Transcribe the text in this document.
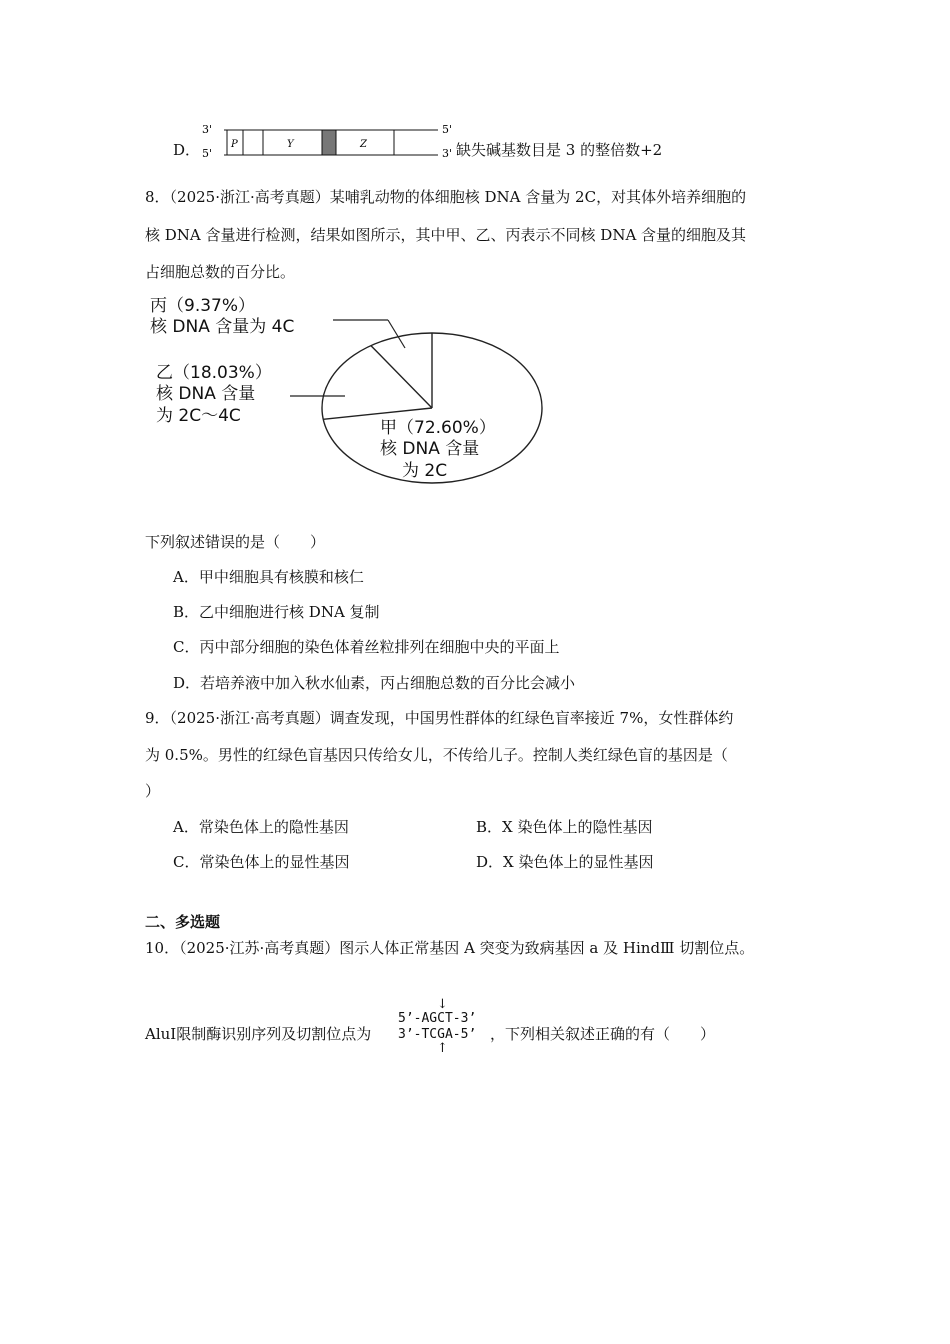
D．
3'
5'
5'
3'
P	Y	Z	缺失碱基数目是 3 的整倍数+2
8．（2025·浙江·高考真题）某哺乳动物的体细胞核 DNA 含量为 2C，对其体外培养细胞的
核 DNA 含量进行检测，结果如图所示，其中甲、乙、丙表示不同核 DNA 含量的细胞及其
占细胞总数的百分比。
丙（9.37%）
核 DNA 含量为 4C
乙（18.03%）
核 DNA 含量
为 2C～4C
甲（72.60%）
核 DNA 含量
为 2C
下列叙述错误的是（　　）
A．甲中细胞具有核膜和核仁
B．乙中细胞进行核 DNA 复制
C．丙中部分细胞的染色体着丝粒排列在细胞中央的平面上
D．若培养液中加入秋水仙素，丙占细胞总数的百分比会减小
9．（2025·浙江·高考真题）调查发现，中国男性群体的红绿色盲率接近 7%，女性群体约
为 0.5%。男性的红绿色盲基因只传给女儿，不传给儿子。控制人类红绿色盲的基因是（
）
A．常染色体上的隐性基因	B．X 染色体上的隐性基因
C．常染色体上的显性基因	D．X 染色体上的显性基因
二、多选题
10．（2025·江苏·高考真题）图示人体正常基因 A 突变为致病基因 a 及 HindⅢ 切割位点。
AluⅠ限制酶识别序列及切割位点为
↓
5’-AGCT-3’
3’-TCGA-5’
↑
，下列相关叙述正确的有（　　）
